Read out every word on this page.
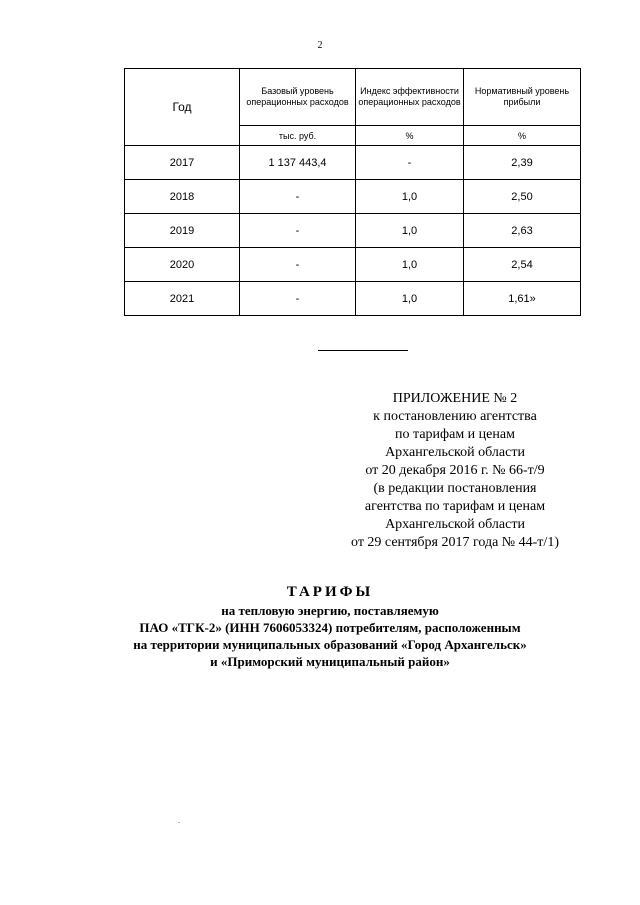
2
Год	Базовый уровень операционных расходов	Индекс эффективности операционных расходов	Нормативный уровень прибыли
	тыс. руб.	%	%
2017	1 137 443,4	-	2,39
2018	-	1,0	2,50
2019	-	1,0	2,63
2020	-	1,0	2,54
2021	-	1,0	1,61»
ПРИЛОЖЕНИЕ № 2
к постановлению агентства
по тарифам и ценам
Архангельской области
от 20 декабря 2016 г. № 66-т/9
(в редакции постановления
агентства по тарифам и ценам
Архангельской области
от 29 сентября 2017 года № 44-т/1)
ТАРИФЫ
на тепловую энергию, поставляемую
ПАО «ТГК-2» (ИНН 7606053324) потребителям, расположенным
на территории муниципальных образований «Город Архангельск»
и «Приморский муниципальный район»
